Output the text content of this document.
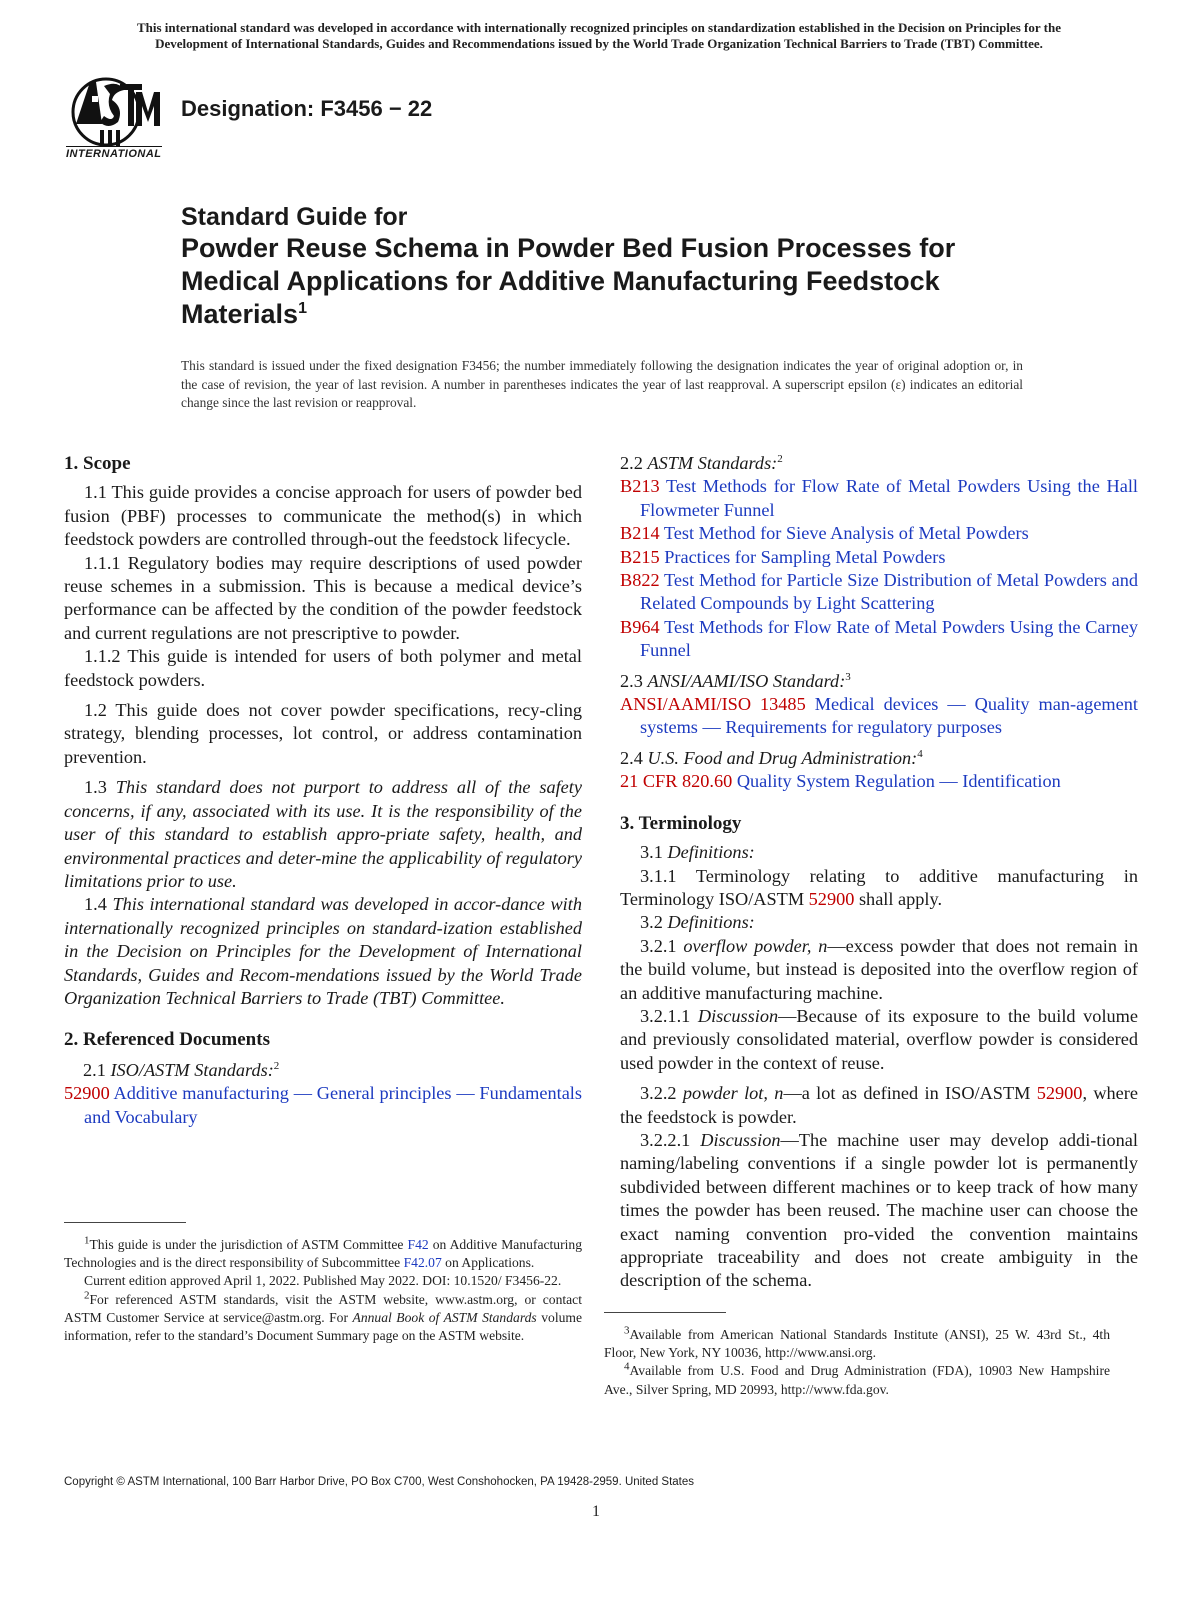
This international standard was developed in accordance with internationally recognized principles on standardization established in the Decision on Principles for the
Development of International Standards, Guides and Recommendations issued by the World Trade Organization Technical Barriers to Trade (TBT) Committee.
INTERNATIONAL
Designation: F3456 − 22
Standard Guide for
Powder Reuse Schema in Powder Bed Fusion Processes for
Medical Applications for Additive Manufacturing Feedstock
Materials$^1$
This standard is issued under the fixed designation F3456; the number immediately following the designation indicates the year of original adoption or, in the case of revision, the year of last revision. A number in parentheses indicates the year of last reapproval. A superscript epsilon (ε) indicates an editorial change since the last revision or reapproval.

1. Scope

1.1 This guide provides a concise approach for users of powder bed fusion (PBF) processes to communicate the method(s) in which feedstock powders are controlled through-out the feedstock lifecycle.

1.1.1 Regulatory bodies may require descriptions of used powder reuse schemes in a submission. This is because a medical device’s performance can be affected by the condition of the powder feedstock and current regulations are not prescriptive to powder.

1.1.2 This guide is intended for users of both polymer and metal feedstock powders.

1.2 This guide does not cover powder specifications, recy-cling strategy, blending processes, lot control, or address contamination prevention.

1.3 This standard does not purport to address all of the safety concerns, if any, associated with its use. It is the responsibility of the user of this standard to establish appro-priate safety, health, and environmental practices and deter-mine the applicability of regulatory limitations prior to use.

1.4 This international standard was developed in accor-dance with internationally recognized principles on standard-ization established in the Decision on Principles for the Development of International Standards, Guides and Recom-mendations issued by the World Trade Organization Technical Barriers to Trade (TBT) Committee.

2. Referenced Documents

2.1 ISO/ASTM Standards:$^2$

52900 Additive manufacturing — General principles — Fundamentals and Vocabulary

2.2 ASTM Standards:$^2$

B213 Test Methods for Flow Rate of Metal Powders Using the Hall Flowmeter Funnel

B214 Test Method for Sieve Analysis of Metal Powders

B215 Practices for Sampling Metal Powders

B822 Test Method for Particle Size Distribution of Metal Powders and Related Compounds by Light Scattering

B964 Test Methods for Flow Rate of Metal Powders Using the Carney Funnel

2.3 ANSI/AAMI/ISO Standard:$^3$

ANSI/AAMI/ISO 13485 Medical devices — Quality man-agement systems — Requirements for regulatory purposes

2.4 U.S. Food and Drug Administration:$^4$

21 CFR 820.60 Quality System Regulation — Identification

3. Terminology

3.1 Definitions:

3.1.1 Terminology relating to additive manufacturing in Terminology ISO/ASTM 52900 shall apply.

3.2 Definitions:

3.2.1 overflow powder, n—excess powder that does not remain in the build volume, but instead is deposited into the overflow region of an additive manufacturing machine.

3.2.1.1 Discussion—Because of its exposure to the build volume and previously consolidated material, overflow powder is considered used powder in the context of reuse.

3.2.2 powder lot, n—a lot as defined in ISO/ASTM 52900, where the feedstock is powder.

3.2.2.1 Discussion—The machine user may develop addi-tional naming/labeling conventions if a single powder lot is permanently subdivided between different machines or to keep track of how many times the powder has been reused. The machine user can choose the exact naming convention pro-vided the convention maintains appropriate traceability and does not create ambiguity in the description of the schema.

$^1$This guide is under the jurisdiction of ASTM Committee F42 on Additive Manufacturing Technologies and is the direct responsibility of Subcommittee F42.07 on Applications.

Current edition approved April 1, 2022. Published May 2022. DOI: 10.1520/ F3456-22.

$^2$For referenced ASTM standards, visit the ASTM website, www.astm.org, or contact ASTM Customer Service at service@astm.org. For Annual Book of ASTM Standards volume information, refer to the standard’s Document Summary page on the ASTM website.	$^3$Available from American National Standards Institute (ANSI), 25 W. 43rd St., 4th Floor, New York, NY 10036, http://www.ansi.org.

$^4$Available from U.S. Food and Drug Administration (FDA), 10903 New Hampshire Ave., Silver Spring, MD 20993, http://www.fda.gov.

Copyright © ASTM International, 100 Barr Harbor Drive, PO Box C700, West Conshohocken, PA 19428-2959. United States
1
